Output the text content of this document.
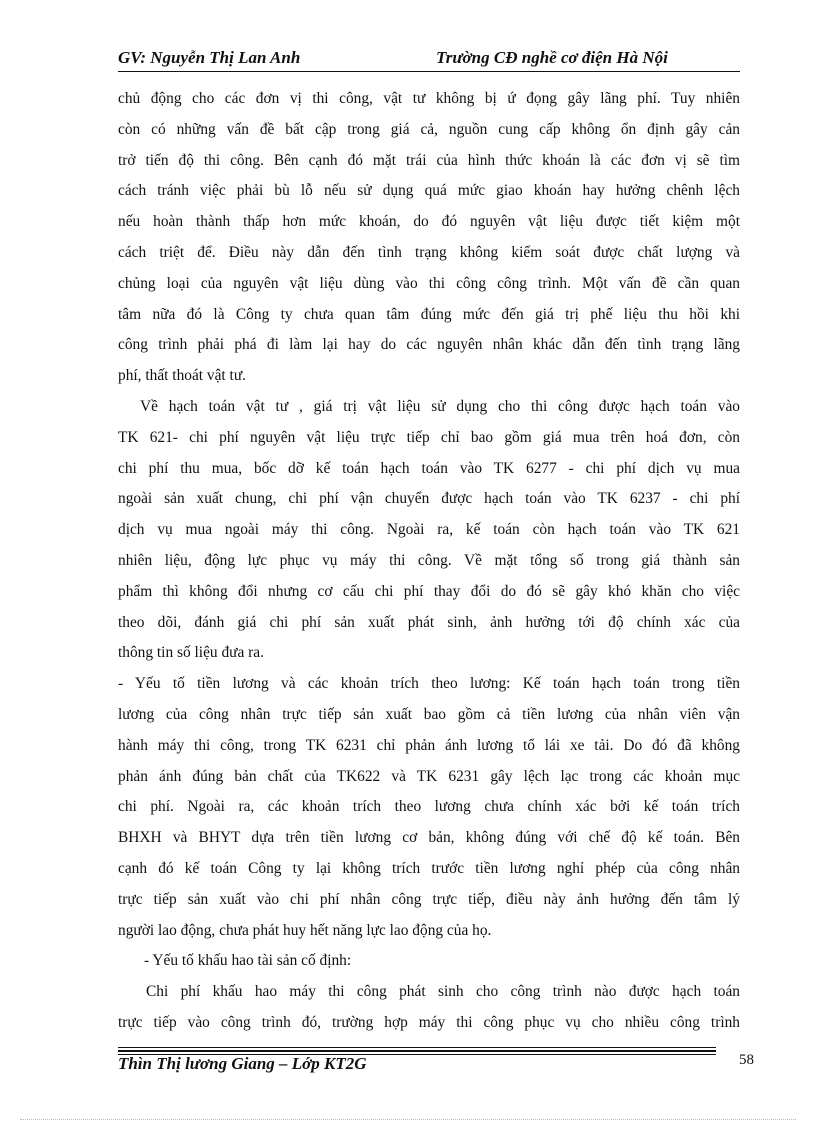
GV: Nguyễn Thị Lan Anh	Trường CĐ nghề cơ điện Hà Nội
chủ động cho các đơn vị thi công, vật tư không bị ứ đọng gây lãng phí. Tuy nhiên
còn có những vấn đề bất cập trong giá cả, nguồn cung cấp không ổn định gây cản
trở tiến độ thi công. Bên cạnh đó mặt trái của hình thức khoán là các đơn vị sẽ tìm
cách tránh việc phải bù lỗ nếu sử dụng quá mức giao khoán hay hưởng chênh lệch
nếu hoàn thành thấp hơn mức khoán, do đó nguyên vật liệu được tiết kiệm một
cách triệt để. Điều này dẫn đến tình trạng không kiểm soát được chất lượng và
chủng loại của nguyên vật liệu dùng vào thi công công trình. Một vấn đề cần quan
tâm nữa đó là Công ty chưa quan tâm đúng mức đến giá trị phế liệu thu hồi khi
công trình phải phá đi làm lại hay do các nguyên nhân khác dẫn đến tình trạng lãng
phí, thất thoát vật tư.
Về hạch toán vật tư , giá trị vật liệu sử dụng cho thi công được hạch toán vào
TK 621- chi phí nguyên vật liệu trực tiếp chỉ bao gồm giá mua trên hoá đơn, còn
chi phí thu mua, bốc dỡ kế toán hạch toán vào TK 6277 - chi phí dịch vụ mua
ngoài sản xuất chung, chi phí vận chuyển được hạch toán vào TK 6237 - chi phí
dịch vụ mua ngoài máy thi công. Ngoài ra, kế toán còn hạch toán vào TK 621
nhiên liệu, động lực phục vụ máy thi công. Về mặt tổng số trong giá thành sản
phẩm thì không đổi nhưng cơ cấu chi phí thay đổi do đó sẽ gây khó khăn cho việc
theo dõi, đánh giá chi phí sản xuất phát sinh, ảnh hưởng tới độ chính xác của
thông tin số liệu đưa ra.
- Yếu tố tiền lương và các khoản trích theo lương: Kế toán hạch toán trong tiền
lương của công nhân trực tiếp sản xuất bao gồm cả tiền lương của nhân viên vận
hành máy thi công, trong TK 6231 chỉ phản ánh lương tổ lái xe tải. Do đó đã không
phản ánh đúng bản chất của TK622 và TK 6231 gây lệch lạc trong các khoản mục
chi phí. Ngoài ra, các khoản trích theo lương chưa chính xác bởi kế toán trích
BHXH và BHYT dựa trên tiền lương cơ bản, không đúng với chế độ kế toán. Bên
cạnh đó kế toán Công ty lại không trích trước tiền lương nghỉ phép của công nhân
trực tiếp sản xuất vào chi phí nhân công trực tiếp, điều này ảnh hưởng đến tâm lý
người lao động, chưa phát huy hết năng lực lao động của họ.
- Yếu tố khấu hao tài sản cố định:
Chi phí khấu hao máy thi công phát sinh cho công trình nào được hạch toán
trực tiếp vào công trình đó, trường hợp máy thi công phục vụ cho nhiều công trình
Thìn Thị lương Giang – Lớp KT2G	58
